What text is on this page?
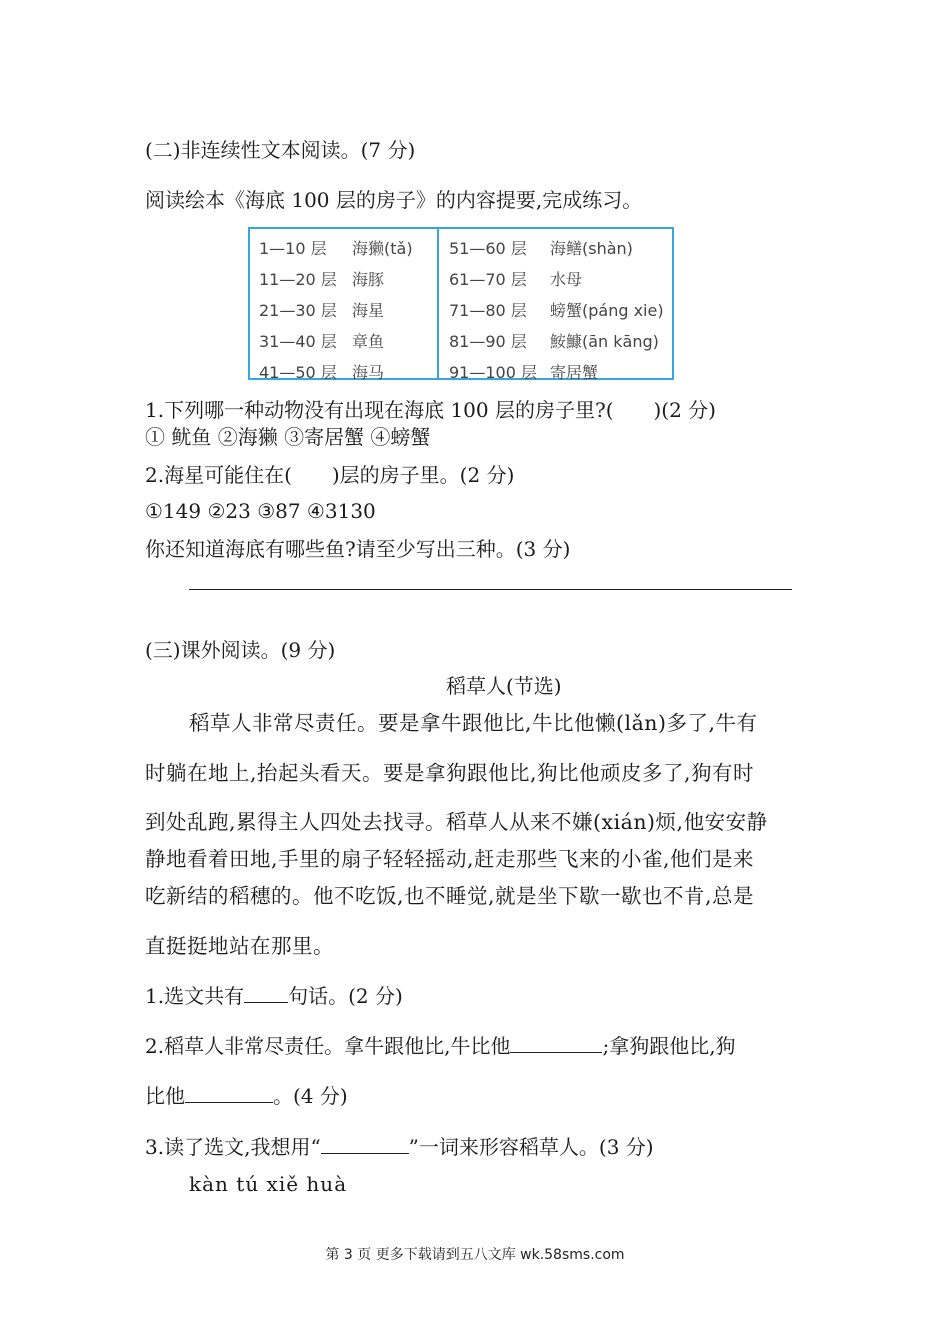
(二)非连续性文本阅读。(7 分)
阅读绘本《海底 100 层的房子》的内容提要,完成练习。
1—10 层 海獭(tǎ)
11—20 层 海豚
21—30 层 海星
31—40 层 章鱼
41—50 层 海马
51—60 层 海鳝(shàn)
61—70 层 水母
71—80 层 螃蟹(páng xie)
81—90 层 鮟鱇(ān kāng)
91—100 层 寄居蟹
1.下列哪一种动物没有出现在海底 100 层的房子里?(　　)(2 分)
① 鱿鱼 ②海獭 ③寄居蟹 ④螃蟹
2.海星可能住在(　　)层的房子里。(2 分)
①149 ②23 ③87 ④3130
你还知道海底有哪些鱼?请至少写出三种。(3 分)
(三)课外阅读。(9 分)
稻草人(节选)
稻草人非常尽责任。要是拿牛跟他比,牛比他懒(lǎn)多了,牛有
时躺在地上,抬起头看天。要是拿狗跟他比,狗比他顽皮多了,狗有时
到处乱跑,累得主人四处去找寻。稻草人从来不嫌(xián)烦,他安安静
静地看着田地,手里的扇子轻轻摇动,赶走那些飞来的小雀,他们是来
吃新结的稻穗的。他不吃饭,也不睡觉,就是坐下歇一歇也不肯,总是
直挺挺地站在那里。
1.选文共有 句话。(2 分)
2.稻草人非常尽责任。拿牛跟他比,牛比他	;拿狗跟他比,狗
比他	。(4 分)
3.读了选文,我想用“	”一词来形容稻草人。(3 分)
kàn tú xiě huà
第 3 页 更多下载请到五八文库 wk.58sms.com
